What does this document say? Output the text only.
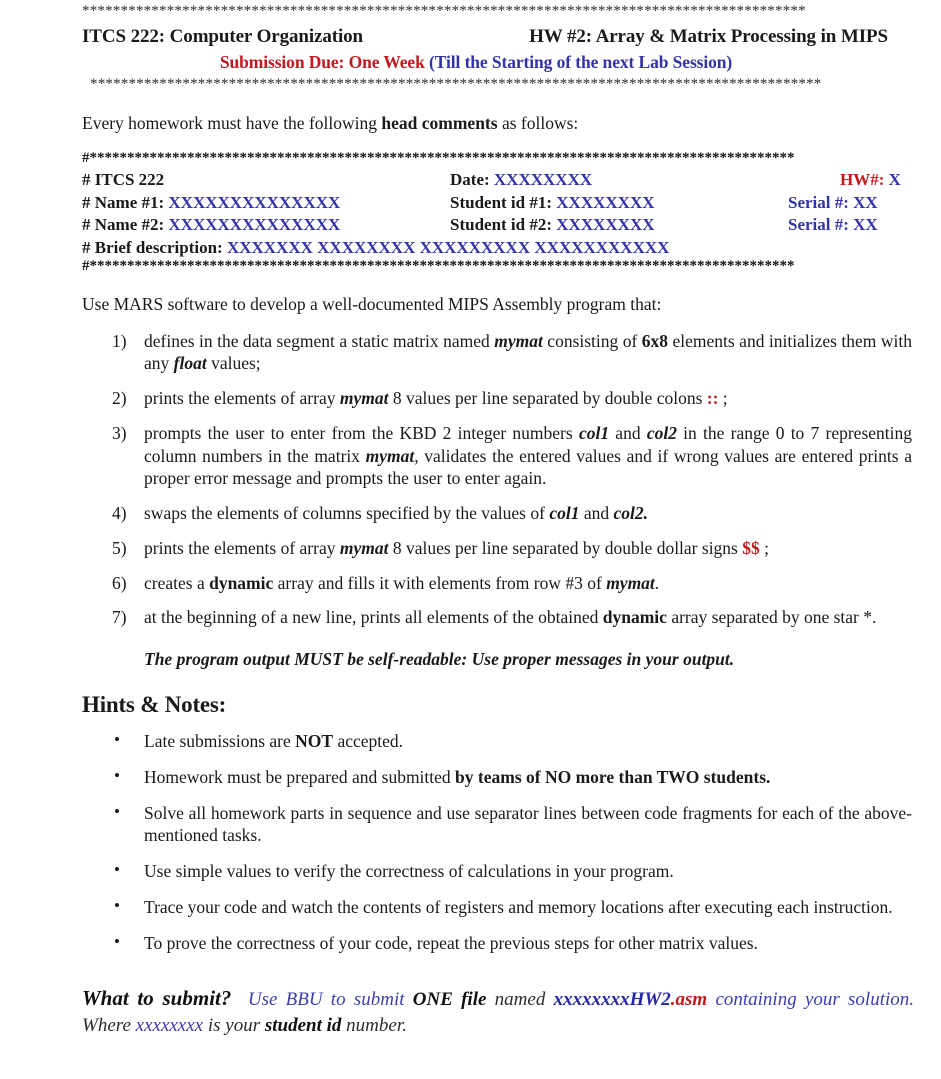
**********************************************************************************************
ITCS 222: Computer Organization	HW #2: Array & Matrix Processing in MIPS
Submission Due: One Week (Till the Starting of the next Lab Session)
***********************************************************************************************
Every homework must have the following head comments as follows:
#**********************************************************************************************
# ITCS 222	Date: XXXXXXXX	HW#: X
# Name #1: XXXXXXXXXXXXXX	Student id #1: XXXXXXXX	Serial #: XX
# Name #2: XXXXXXXXXXXXXX	Student id #2: XXXXXXXX	Serial #: XX
# Brief description: XXXXXXX XXXXXXXX XXXXXXXXX XXXXXXXXXXX
#**********************************************************************************************
Use MARS software to develop a well-documented MIPS Assembly program that:
1) defines in the data segment a static matrix named mymat consisting of 6x8 elements and initializes them with any float values;
2) prints the elements of array mymat 8 values per line separated by double colons :: ;
3) prompts the user to enter from the KBD 2 integer numbers col1 and col2 in the range 0 to 7 representing column numbers in the matrix mymat, validates the entered values and if wrong values are entered prints a proper error message and prompts the user to enter again.
4) swaps the elements of columns specified by the values of col1 and col2.
5) prints the elements of array mymat 8 values per line separated by double dollar signs $$ ;
6) creates a dynamic array and fills it with elements from row #3 of mymat.
7) at the beginning of a new line, prints all elements of the obtained dynamic array separated by one star *.
The program output MUST be self-readable: Use proper messages in your output.
Hints & Notes:
• Late submissions are NOT accepted.
• Homework must be prepared and submitted by teams of NO more than TWO students.
• Solve all homework parts in sequence and use separator lines between code fragments for each of the above-mentioned tasks.
• Use simple values to verify the correctness of calculations in your program.
• Trace your code and watch the contents of registers and memory locations after executing each instruction.
• To prove the correctness of your code, repeat the previous steps for other matrix values.
What to submit? Use BBU to submit ONE file named xxxxxxxxHW2.asm containing your solution. Where xxxxxxxx is your student id number.
